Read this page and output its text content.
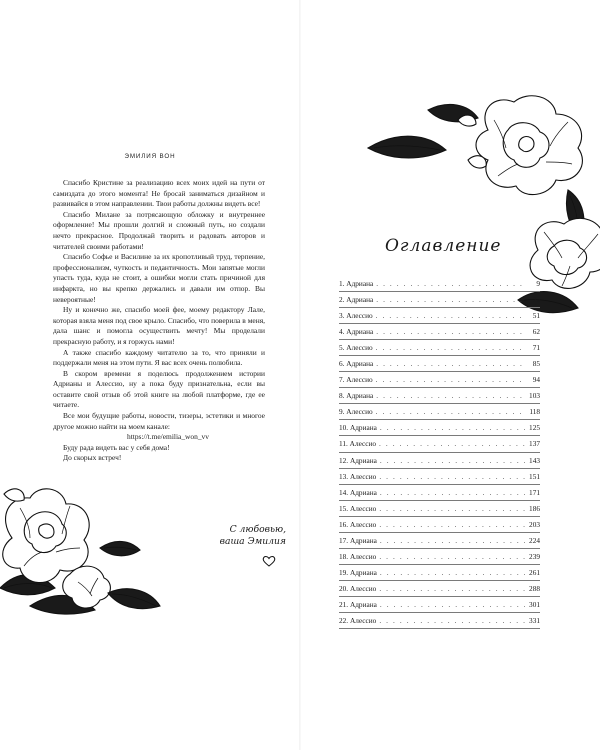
ЭМИЛИЯ ВОН

Спасибо Кристине за реализацию всех моих идей на пути от самиздата до этого момента! Не бросай заниматься дизайном и развивайся в этом направлении. Твои работы должны видеть все!

Спасибо Милане за потрясающую обложку и внутреннее оформление! Мы прошли долгий и сложный путь, но создали нечто прекрасное. Продолжай творить и радовать авторов и читателей своими работами!

Спасибо Софье и Василине за их кропотливый труд, терпение, профессионализм, чуткость и педантичность. Мои запятые могли упасть туда, куда не стоит, а ошибки могли стать причиной для инфаркта, но вы крепко держались и давали им отпор. Вы невероятные!

Ну и конечно же, спасибо моей фее, моему редактору Лале, которая взяла меня под свое крыло. Спасибо, что поверила в меня, дала шанс и помогла осуществить мечту! Мы проделали прекрасную работу, и я горжусь нами!

А также спасибо каждому читателю за то, что приняли и поддержали меня на этом пути. Я вас всех очень полюбила.

В скором времени я поделюсь продолжением истории Адрианы и Алессио, ну а пока буду признательна, если вы оставите свой отзыв об этой книге на любой платформе, где ее читаете.

Все мои будущие работы, новости, тизеры, эстетики и многое другое можно найти на моем канале:

https://t.me/emilia_won_vv

Буду рада видеть вас у себя дома!

До скорых встреч!

С любовью,
ваша Эмилия
Оглавление
1. Адриана . . .	9
2. Адриана . . .	25
3. Алессио . . .	51
4. Адриана . . .	62
5. Алессио . . .	71
6. Адриана . . .	85
7. Алессио . . .	94
8. Адриана . . .	103
9. Алессио . . .	118
10. Адриана . . .	125
11. Алессио . . .	137
12. Адриана . . .	143
13. Алессио . . .	151
14. Адриана . . .	171
15. Алессио . . .	186
16. Алессио . . .	203
17. Адриана . . .	224
18. Алессио . . .	239
19. Адриана . . .	261
20. Алессио . . .	288
21. Адриана . . .	301
22. Алессио . . .	331
